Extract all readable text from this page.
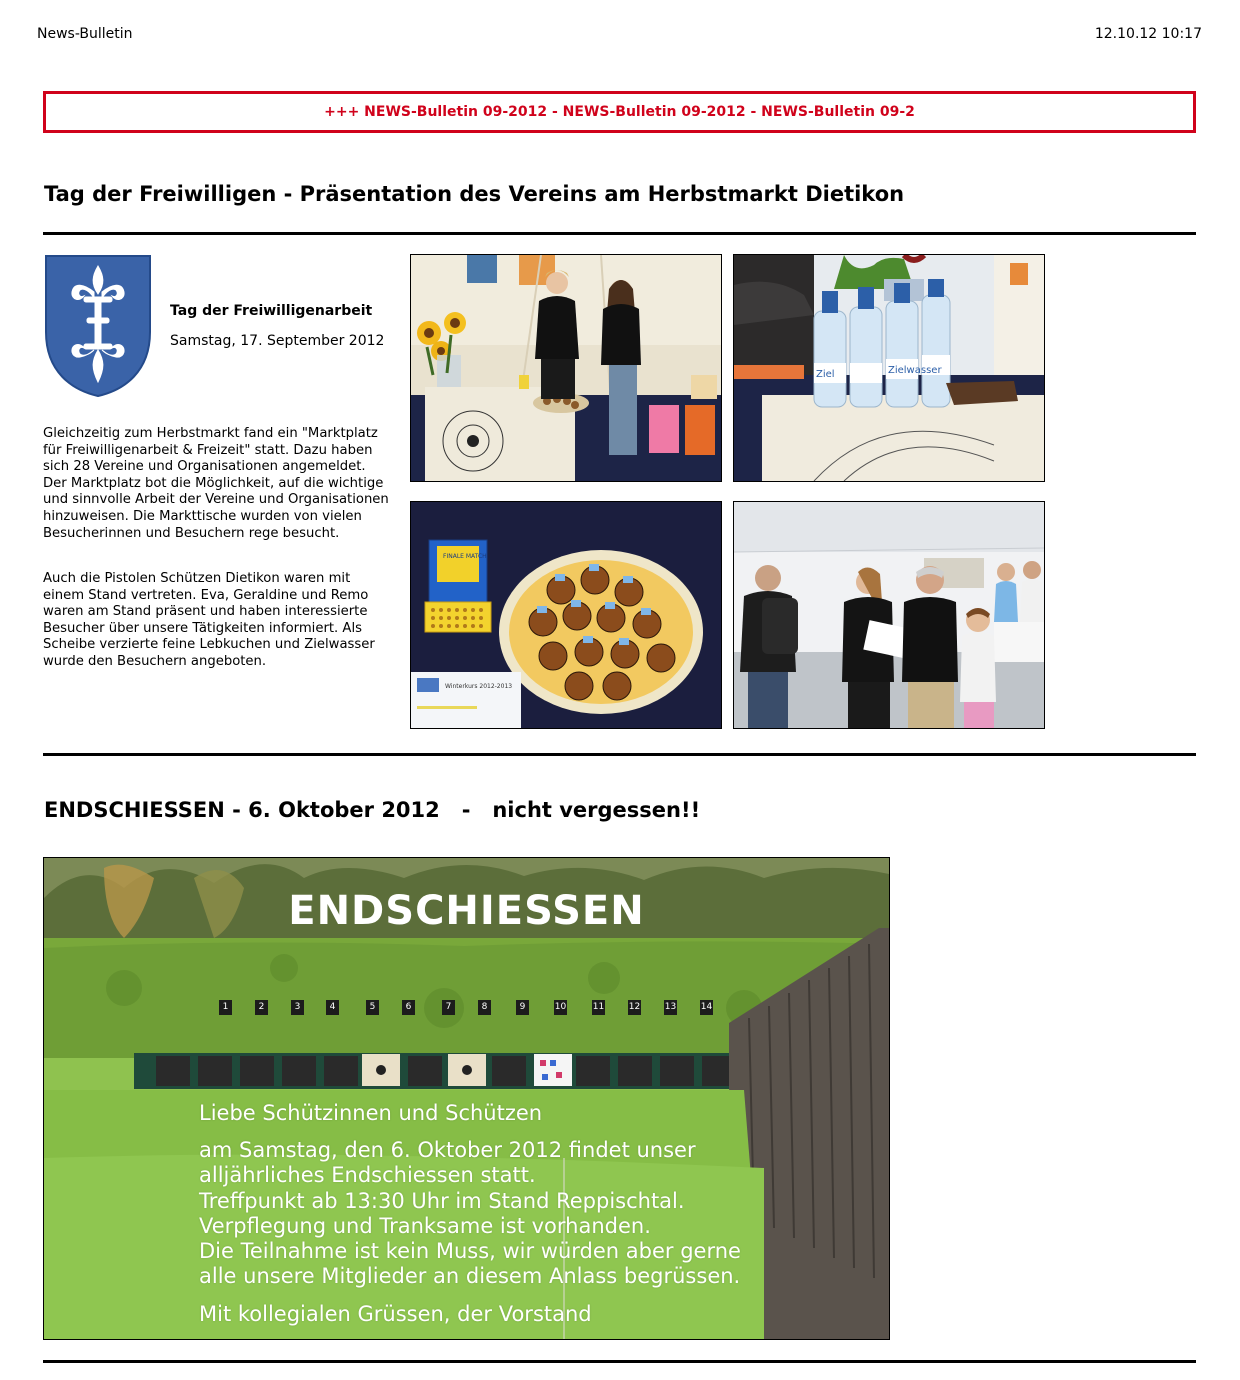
News-Bulletin	12.10.12 10:17
+++ NEWS-Bulletin 09-2012 - NEWS-Bulletin 09-2012 - NEWS-Bulletin 09-2
Tag der Freiwilligen - Präsentation des Vereins am Herbstmarkt Dietikon
Tag der Freiwilligenarbeit
Samstag, 17. September 2012

Gleichzeitig zum Herbstmarkt fand ein "Marktplatz für Freiwilligenarbeit & Freizeit" statt. Dazu haben sich 28 Vereine und Organisationen angemeldet. Der Marktplatz bot die Möglichkeit, auf die wichtige und sinnvolle Arbeit der Vereine und Organisationen hinzuweisen. Die Markttische wurden von vielen Besucherinnen und Besuchern rege besucht.

Auch die Pistolen Schützen Dietikon waren mit einem Stand vertreten. Eva, Geraldine und Remo waren am Stand präsent und haben interessierte Besucher über unsere Tätigkeiten informiert. Als Scheibe verzierte feine Lebkuchen und Zielwasser wurde den Besuchern angeboten.

Ziel	Zielwasser
FINALE MATCH
Winterkurs 2012-2013
ENDSCHIESSEN - 6. Oktober 2012   -   nicht vergessen!!
1	2	3	4	5	6	7	8	9	10	11	12	13	14
ENDSCHIESSEN

Liebe Schützinnen und Schützen

am Samstag, den 6. Oktober 2012 findet unser
alljährliches Endschiessen statt.
Treffpunkt ab 13:30 Uhr im Stand Reppischtal.
Verpflegung und Tranksame ist vorhanden.
Die Teilnahme ist kein Muss, wir würden aber gerne
alle unsere Mitglieder an diesem Anlass begrüssen.

Mit kollegialen Grüssen, der Vorstand
